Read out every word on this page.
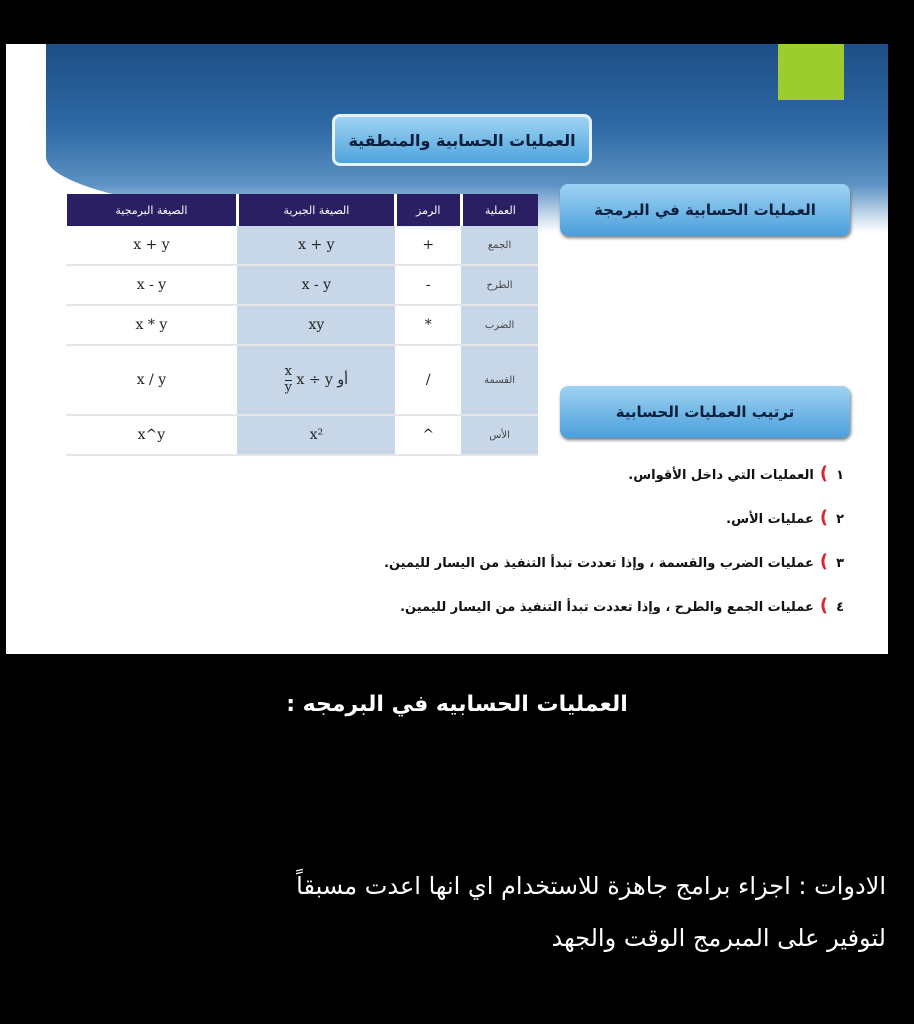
العمليات الحسابية والمنطقية
العمليات الحسابية في البرمجة
ترتيب العمليات الحسابية
الصيغة البرمجية	الصيغة الجبرية	الرمز	العملية
x + y	x + y	+	الجمع
x - y	x - y	-	الطرح
x * y	xy	*	الضرب
x / y	$\frac{x}{y}$ أو x ÷ y	/	القسمة
x^y	x²	^	الأس
١)العمليات التي داخل الأقواس.
٢)عمليات الأس.
٣)عمليات الضرب والقسمة ، وإذا تعددت تبدأ التنفيذ من اليسار لليمين.
٤)عمليات الجمع والطرح ، وإذا تعددت تبدأ التنفيذ من اليسار لليمين.
العمليات الحسابيه في البرمجه :
الادوات : اجزاء برامج جاهزة للاستخدام اي انها اعدت مسبقاً
لتوفير على المبرمج الوقت والجهد
